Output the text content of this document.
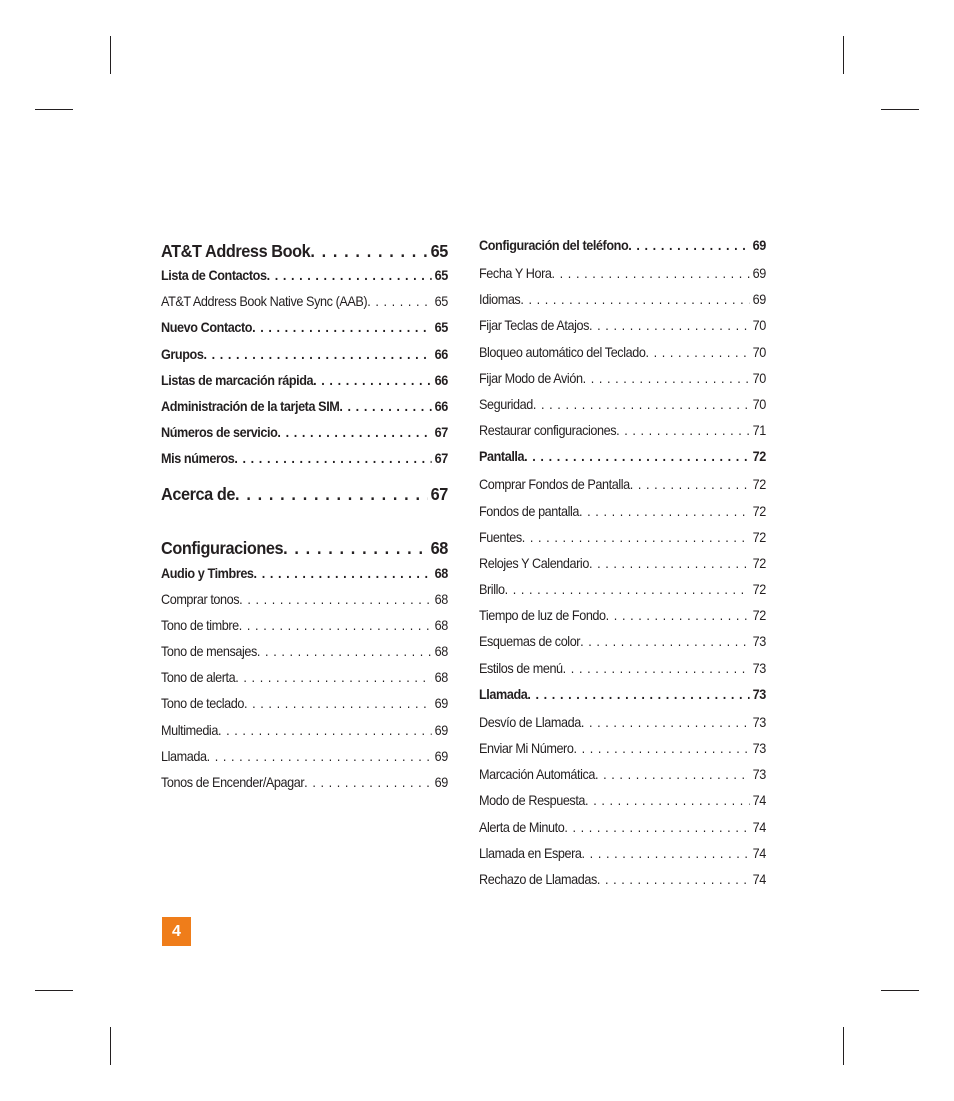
AT&T Address Book . . .	65
Lista de Contactos . . .	65
AT&T Address Book Native Sync (AAB) . . .	65
Nuevo Contacto . . .	65
Grupos . . .	66
Listas de marcación rápida . . .	66
Administración de la tarjeta SIM . . .	66
Números de servicio . . .	67
Mis números . . .	67
Acerca de . . .	67
Configuraciones . . .	68
Audio y Timbres . . .	68
Comprar tonos . . .	68
Tono de timbre . . .	68
Tono de mensajes . . .	68
Tono de alerta . . .	68
Tono de teclado . . .	69
Multimedia . . .	69
Llamada . . .	69
Tonos de Encender/Apagar . . .	69
Configuración del teléfono . . .	69
Fecha Y Hora . . .	69
Idiomas . . .	69
Fijar Teclas de Atajos . . .	70
Bloqueo automático del Teclado . . .	70
Fijar Modo de Avión . . .	70
Seguridad . . .	70
Restaurar configuraciones . . .	71
Pantalla . . .	72
Comprar Fondos de Pantalla . . .	72
Fondos de pantalla . . .	72
Fuentes . . .	72
Relojes Y Calendario . . .	72
Brillo . . .	72
Tiempo de luz de Fondo . . .	72
Esquemas de color . . .	73
Estilos de menú . . .	73
Llamada . . .	73
Desvío de Llamada . . .	73
Enviar Mi Número . . .	73
Marcación Automática . . .	73
Modo de Respuesta . . .	74
Alerta de Minuto . . .	74
Llamada en Espera . . .	74
Rechazo de Llamadas . . .	74
4
